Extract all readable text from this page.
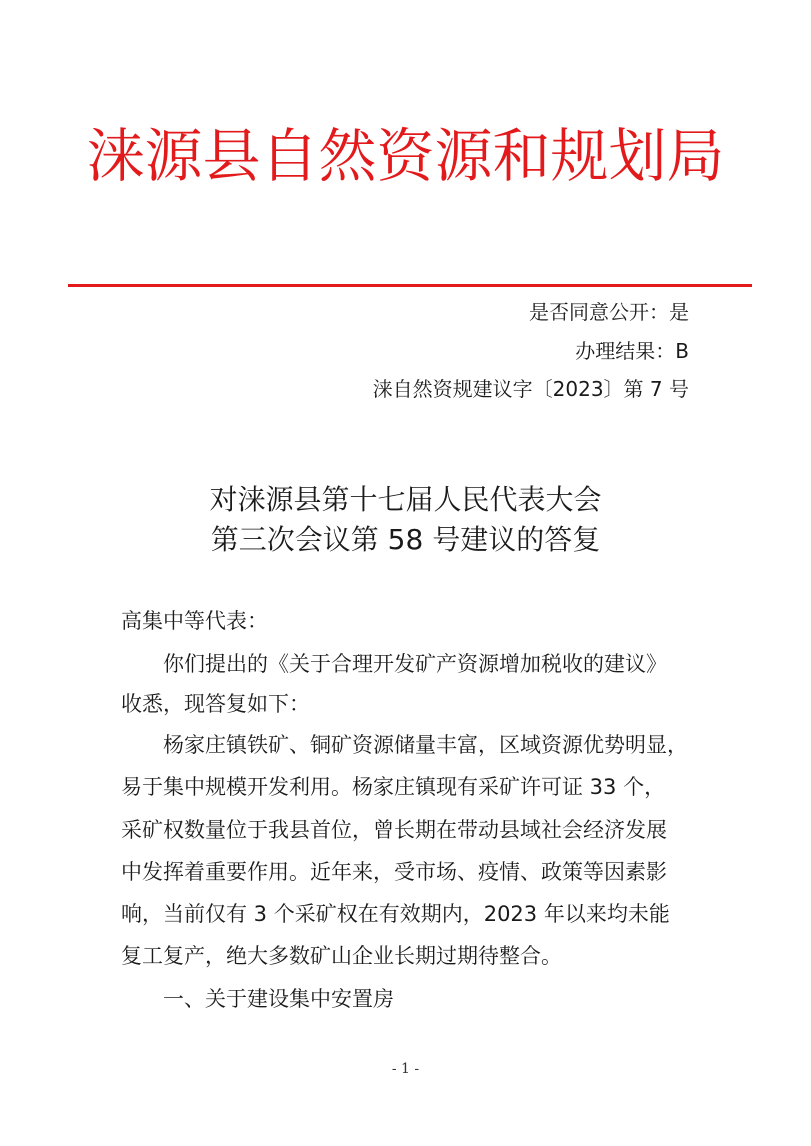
涞源县自然资源和规划局
是否同意公开：是
办理结果：B
涞自然资规建议字〔2023〕第 7 号
对涞源县第十七届人民代表大会
第三次会议第 58 号建议的答复
高集中等代表：
你们提出的《关于合理开发矿产资源增加税收的建议》
收悉，现答复如下：
杨家庄镇铁矿、铜矿资源储量丰富，区域资源优势明显，
易于集中规模开发利用。杨家庄镇现有采矿许可证 33 个，
采矿权数量位于我县首位，曾长期在带动县域社会经济发展
中发挥着重要作用。近年来，受市场、疫情、政策等因素影
响，当前仅有 3 个采矿权在有效期内，2023 年以来均未能
复工复产，绝大多数矿山企业长期过期待整合。
一、关于建设集中安置房
- 1 -
